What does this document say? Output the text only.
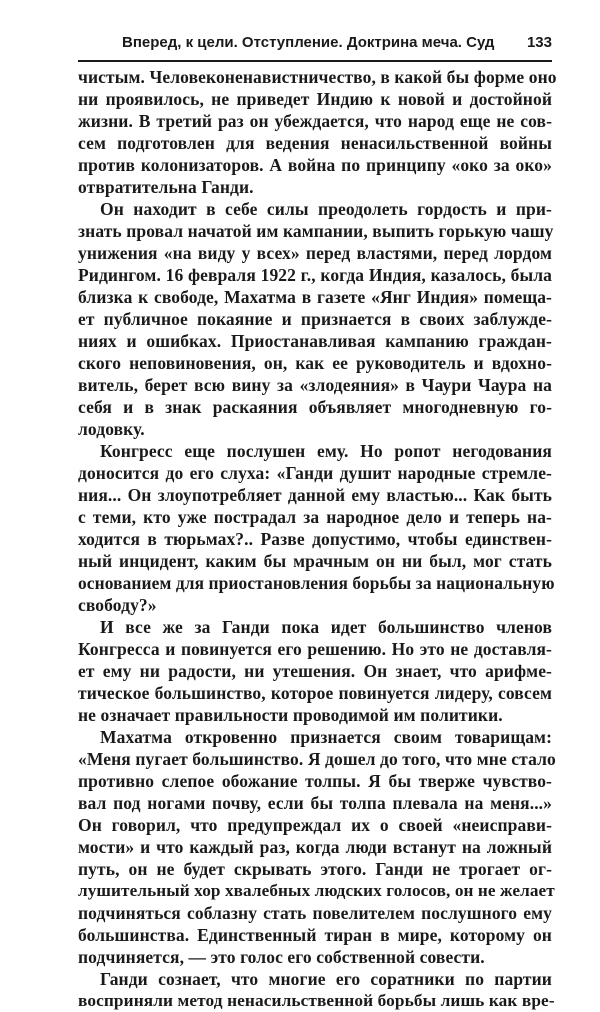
Вперед, к цели. Отступление. Доктрина меча. Суд 133

чистым. Человеконенавистничество, в какой бы форме оно
ни проявилось, не приведет Индию к новой и достойной
жизни. В третий раз он убеждается, что народ еще не сов-
сем подготовлен для ведения ненасильственной войны
против колонизаторов. А война по принципу «око за око»
отвратительна Ганди.

Он находит в себе силы преодолеть гордость и при-
знать провал начатой им кампании, выпить горькую чашу
унижения «на виду у всех» перед властями, перед лордом
Ридингом. 16 февраля 1922 г., когда Индия, казалось, была
близка к свободе, Махатма в газете «Янг Индия» помеща-
ет публичное покаяние и признается в своих заблужде-
ниях и ошибках. Приостанавливая кампанию граждан-
ского неповиновения, он, как ее руководитель и вдохно-
витель, берет всю вину за «злодеяния» в Чаури Чаура на
себя и в знак раскаяния объявляет многодневную го-
лодовку.

Конгресс еще послушен ему. Но ропот негодования
доносится до его слуха: «Ганди душит народные стремле-
ния... Он злоупотребляет данной ему властью... Как быть
с теми, кто уже пострадал за народное дело и теперь на-
ходится в тюрьмах?.. Разве допустимо, чтобы единствен-
ный инцидент, каким бы мрачным он ни был, мог стать
основанием для приостановления борьбы за национальную
свободу?»

И все же за Ганди пока идет большинство членов
Конгресса и повинуется его решению. Но это не доставля-
ет ему ни радости, ни утешения. Он знает, что арифме-
тическое большинство, которое повинуется лидеру, совсем
не означает правильности проводимой им политики.

Махатма откровенно признается своим товарищам:
«Меня пугает большинство. Я дошел до того, что мне стало
противно слепое обожание толпы. Я бы тверже чувство-
вал под ногами почву, если бы толпа плевала на меня...»
Он говорил, что предупреждал их о своей «неисправи-
мости» и что каждый раз, когда люди встанут на ложный
путь, он не будет скрывать этого. Ганди не трогает ог-
лушительный хор хвалебных людских голосов, он не желает
подчиняться соблазну стать повелителем послушного ему
большинства. Единственный тиран в мире, которому он
подчиняется, — это голос его собственной совести.

Ганди сознает, что многие его соратники по партии
восприняли метод ненасильственной борьбы лишь как вре-
